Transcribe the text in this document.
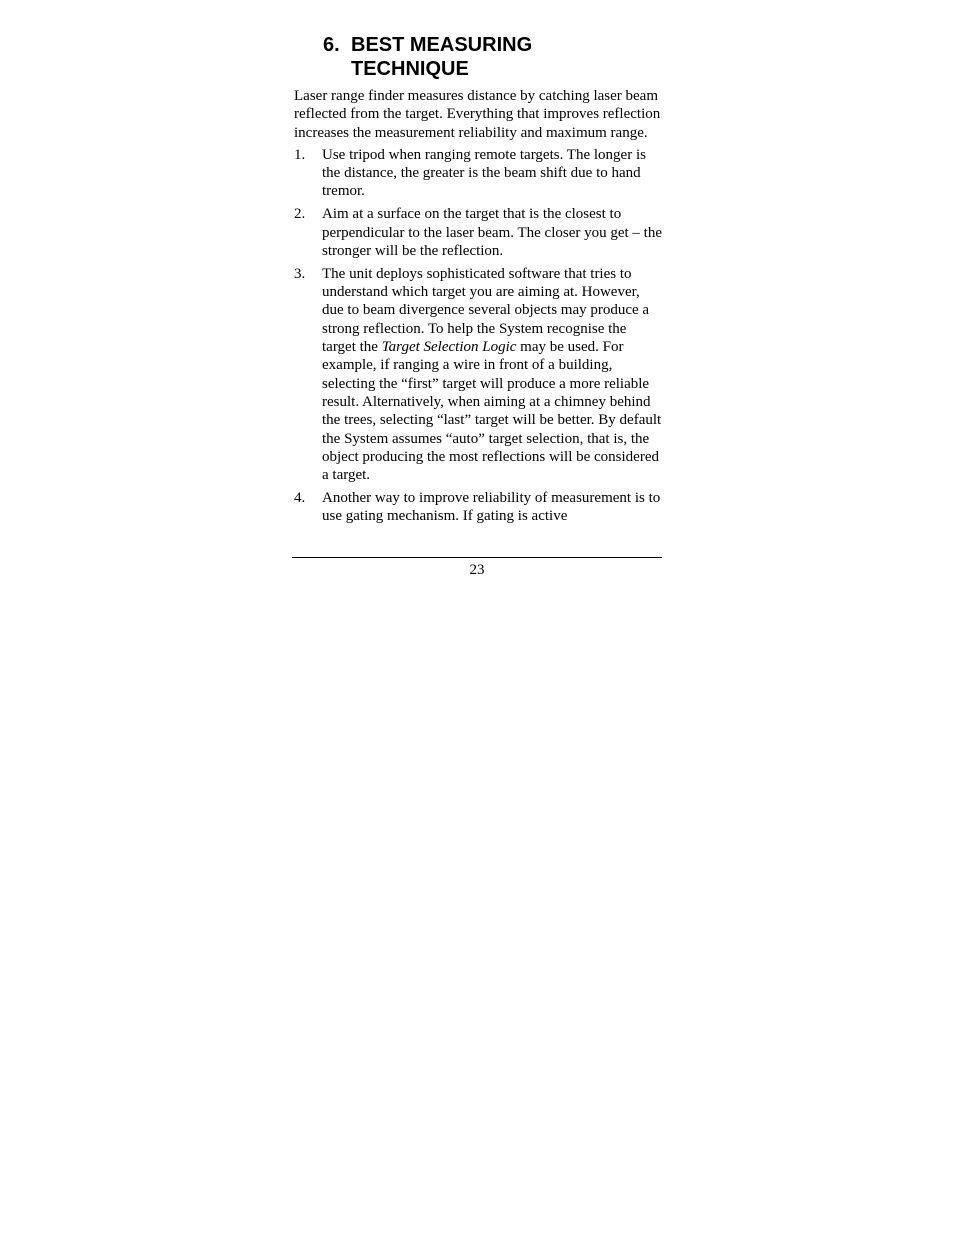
6. BEST MEASURING TECHNIQUE

Laser range finder measures distance by catching laser beam reflected from the target. Everything that improves reflection increases the measurement reliability and maximum range.

1.	Use tripod when ranging remote targets. The longer is the distance, the greater is the beam shift due to hand tremor.
2.	Aim at a surface on the target that is the closest to perpendicular to the laser beam. The closer you get – the stronger will be the reflection.
3.	The unit deploys sophisticated software that tries to understand which target you are aiming at. However, due to beam divergence several objects may produce a strong reflection. To help the System recognise the target the Target Selection Logic may be used. For example, if ranging a wire in front of a building, selecting the “first” target will produce a more reliable result. Alternatively, when aiming at a chimney behind the trees, selecting “last” target will be better. By default the System assumes “auto” target selection, that is, the object producing the most reflections will be considered a target.
4.	Another way to improve reliability of measurement is to use gating mechanism. If gating is active
23
